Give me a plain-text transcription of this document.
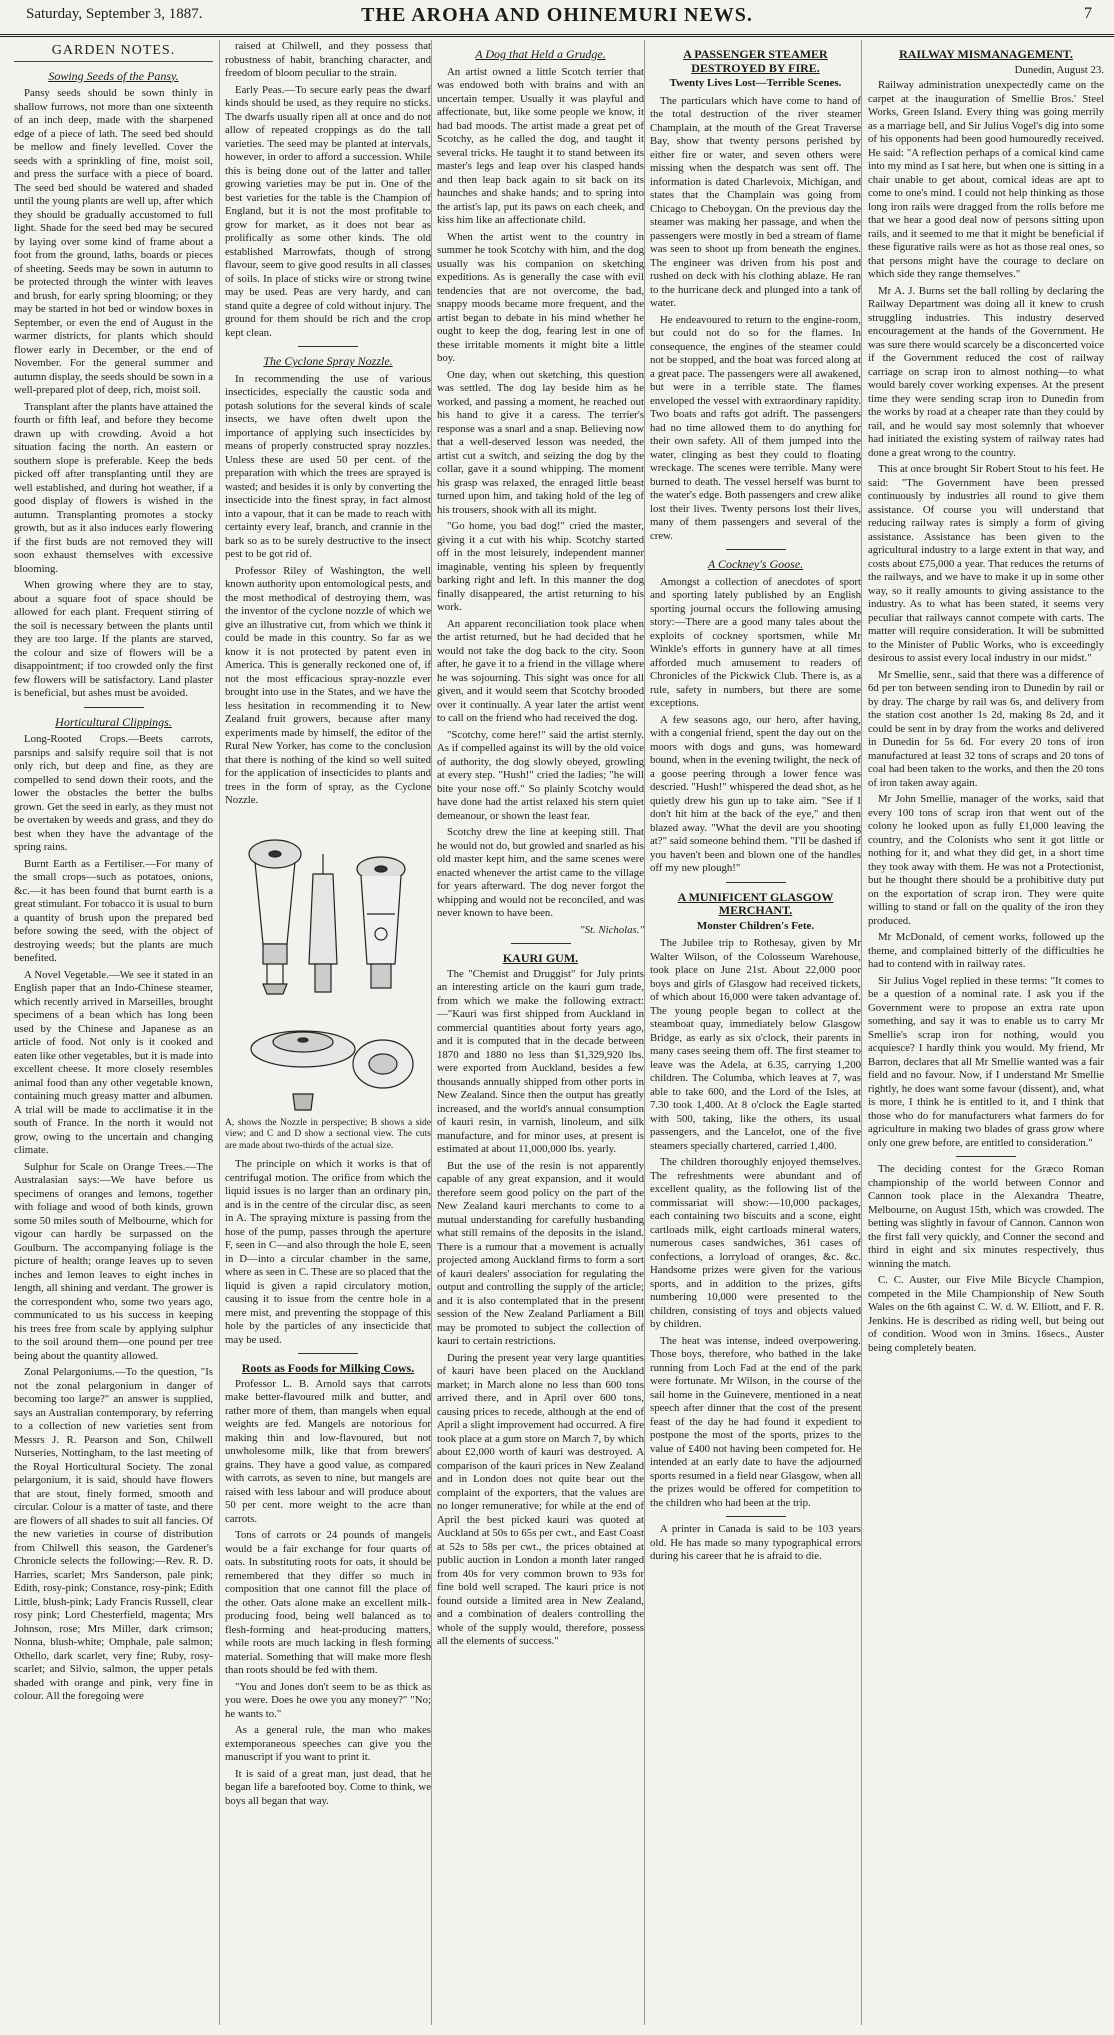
Saturday, September 3, 1887.	THE AROHA AND OHINEMURI NEWS.	7
GARDEN NOTES.
Sowing Seeds of the Pansy.

Pansy seeds should be sown thinly in shallow furrows, not more than one sixteenth of an inch deep, made with the sharpened edge of a piece of lath. The seed bed should be mellow and finely levelled. Cover the seeds with a sprinkling of fine, moist soil, and press the surface with a piece of board. The seed bed should be watered and shaded until the young plants are well up, after which they should be gradually accustomed to full light. Shade for the seed bed may be secured by laying over some kind of frame about a foot from the ground, laths, boards or pieces of sheeting. Seeds may be sown in autumn to be protected through the winter with leaves and brush, for early spring blooming; or they may be started in hot bed or window boxes in September, or even the end of August in the warmer districts, for plants which should flower early in December, or the end of November. For the general summer and autumn display, the seeds should be sown in a well-prepared plot of deep, rich, moist soil.

Transplant after the plants have attained the fourth or fifth leaf, and before they become drawn up with crowding. Avoid a hot situation facing the north. An eastern or southern slope is preferable. Keep the beds picked off after transplanting until they are well established, and during hot weather, if a good display of flowers is wished in the autumn. Transplanting promotes a stocky growth, but as it also induces early flowering if the first buds are not removed they will soon exhaust themselves with excessive blooming.

When growing where they are to stay, about a square foot of space should be allowed for each plant. Frequent stirring of the soil is necessary between the plants until they are too large. If the plants are starved, the colour and size of flowers will be a disappointment; if too crowded only the first few flowers will be satisfactory. Land plaster is beneficial, but ashes must be avoided.

Horticultural Clippings.

Long-Rooted Crops.—Beets carrots, parsnips and salsify require soil that is not only rich, but deep and fine, as they are compelled to send down their roots, and the lower the obstacles the better the bulbs grown. Get the seed in early, as they must not be overtaken by weeds and grass, and they do best when they have the advantage of the spring rains.

Burnt Earth as a Fertiliser.—For many of the small crops—such as potatoes, onions, &c.—it has been found that burnt earth is a great stimulant. For tobacco it is usual to burn a quantity of brush upon the prepared bed before sowing the seed, with the object of destroying weeds; but the plants are much benefited.

A Novel Vegetable.—We see it stated in an English paper that an Indo-Chinese steamer, which recently arrived in Marseilles, brought specimens of a bean which has long been used by the Chinese and Japanese as an article of food. Not only is it cooked and eaten like other vegetables, but it is made into excellent cheese. It more closely resembles animal food than any other vegetable known, containing much greasy matter and albumen. A trial will be made to acclimatise it in the south of France. In the north it would not grow, owing to the uncertain and changing climate.

Sulphur for Scale on Orange Trees.—The Australasian says:—We have before us specimens of oranges and lemons, together with foliage and wood of both kinds, grown some 50 miles south of Melbourne, which for vigour can hardly be surpassed on the Goulburn. The accompanying foliage is the picture of health; orange leaves up to seven inches and lemon leaves to eight inches in length, all shining and verdant. The grower is the correspondent who, some two years ago, communicated to us his success in keeping his trees free from scale by applying sulphur to the soil around them—one pound per tree being about the quantity allowed.

Zonal Pelargoniums.—To the question, "Is not the zonal pelargonium in danger of becoming too large?" an answer is supplied, says an Australian contemporary, by referring to a collection of new varieties sent from Messrs J. R. Pearson and Son, Chilwell Nurseries, Nottingham, to the last meeting of the Royal Horticultural Society. The zonal pelargonium, it is said, should have flowers that are stout, finely formed, smooth and circular. Colour is a matter of taste, and there are flowers of all shades to suit all fancies. Of the new varieties in course of distribution from Chilwell this season, the Gardener's Chronicle selects the following:—Rev. R. D. Harries, scarlet; Mrs Sanderson, pale pink; Edith, rosy-pink; Constance, rosy-pink; Edith Little, blush-pink; Lady Francis Russell, clear rosy pink; Lord Chesterfield, magenta; Mrs Johnson, rose; Mrs Miller, dark crimson; Nonna, blush-white; Omphale, pale salmon; Othello, dark scarlet, very fine; Ruby, rosy-scarlet; and Silvio, salmon, the upper petals shaded with orange and pink, very fine in colour. All the foregoing were

raised at Chilwell, and they possess that robustness of habit, branching character, and freedom of bloom peculiar to the strain.

Early Peas.—To secure early peas the dwarf kinds should be used, as they require no sticks. The dwarfs usually ripen all at once and do not allow of repeated croppings as do the tall varieties. The seed may be planted at intervals, however, in order to afford a succession. While this is being done out of the latter and taller growing varieties may be put in. One of the best varieties for the table is the Champion of England, but it is not the most profitable to grow for market, as it does not bear as prolifically as some other kinds. The old established Marrowfats, though of strong flavour, seem to give good results in all classes of soils. In place of sticks wire or strong twine may be used. Peas are very hardy, and can stand quite a degree of cold without injury. The ground for them should be rich and the crop kept clean.

The Cyclone Spray Nozzle.

In recommending the use of various insecticides, especially the caustic soda and potash solutions for the several kinds of scale insects, we have often dwelt upon the importance of applying such insecticides by means of properly constructed spray nozzles. Unless these are used 50 per cent. of the preparation with which the trees are sprayed is wasted; and besides it is only by converting the insecticide into the finest spray, in fact almost into a vapour, that it can be made to reach with certainty every leaf, branch, and crannie in the bark so as to be surely destructive to the insect pest to be got rid of.

Professor Riley of Washington, the well known authority upon entomological pests, and the most methodical of destroying them, was the inventor of the cyclone nozzle of which we give an illustrative cut, from which we think it could be made in this country. So far as we know it is not protected by patent even in America. This is generally reckoned one of, if not the most efficacious spray-nozzle ever brought into use in the States, and we have the less hesitation in recommending it to New Zealand fruit growers, because after many experiments made by himself, the editor of the Rural New Yorker, has come to the conclusion that there is nothing of the kind so well suited for the application of insecticides to plants and trees in the form of spray, as the Cyclone Nozzle.

A, shows the Nozzle in perspective; B shows a side view; and C and D show a sectional view. The cuts are made about two-thirds of the actual size.

The principle on which it works is that of centrifugal motion. The orifice from which the liquid issues is no larger than an ordinary pin, and is in the centre of the circular disc, as seen in A. The spraying mixture is passing from the hose of the pump, passes through the aperture F, seen in C—and also through the hole E, seen in D—into a circular chamber in the same, where as seen in C. These are so placed that the liquid is given a rapid circulatory motion, causing it to issue from the centre hole in a mere mist, and preventing the stoppage of this hole by the particles of any insecticide that may be used.

Roots as Foods for Milking Cows.

Professor L. B. Arnold says that carrots make better-flavoured milk and butter, and rather more of them, than mangels when equal weights are fed. Mangels are notorious for making thin and low-flavoured, but not unwholesome milk, like that from brewers' grains. They have a good value, as compared with carrots, as seven to nine, but mangels are raised with less labour and will produce about 50 per cent. more weight to the acre than carrots.

Tons of carrots or 24 pounds of mangels would be a fair exchange for four quarts of oats. In substituting roots for oats, it should be remembered that they differ so much in composition that one cannot fill the place of the other. Oats alone make an excellent milk-producing food, being well balanced as to flesh-forming and heat-producing matters, while roots are much lacking in flesh forming material. Something that will make more flesh than roots should be fed with them.

"You and Jones don't seem to be as thick as you were. Does he owe you any money?" "No; he wants to."

As a general rule, the man who makes extemporaneous speeches can give you the manuscript if you want to print it.

It is said of a great man, just dead, that he began life a barefooted boy. Come to think, we boys all began that way.

A Dog that Held a Grudge.

An artist owned a little Scotch terrier that was endowed both with brains and with an uncertain temper. Usually it was playful and affectionate, but, like some people we know, it had bad moods. The artist made a great pet of Scotchy, as he called the dog, and taught it several tricks. He taught it to stand between its master's legs and leap over his clasped hands and then leap back again to sit back on its haunches and shake hands; and to spring into the artist's lap, put its paws on each cheek, and kiss him like an affectionate child.

When the artist went to the country in summer he took Scotchy with him, and the dog usually was his companion on sketching expeditions. As is generally the case with evil tendencies that are not overcome, the bad, snappy moods became more frequent, and the artist began to debate in his mind whether he ought to keep the dog, fearing lest in one of these irritable moments it might bite a little boy.

One day, when out sketching, this question was settled. The dog lay beside him as he worked, and passing a moment, he reached out his hand to give it a caress. The terrier's response was a snarl and a snap. Believing now that a well-deserved lesson was needed, the artist cut a switch, and seizing the dog by the collar, gave it a sound whipping. The moment his grasp was relaxed, the enraged little beast turned upon him, and taking hold of the leg of his trousers, shook with all its might.

"Go home, you bad dog!" cried the master, giving it a cut with his whip. Scotchy started off in the most leisurely, independent manner imaginable, venting his spleen by frequently barking right and left. In this manner the dog finally disappeared, the artist returning to his work.

An apparent reconciliation took place when the artist returned, but he had decided that he would not take the dog back to the city. Soon after, he gave it to a friend in the village where he was sojourning. This sight was once for all given, and it would seem that Scotchy brooded over it continually. A year later the artist went to call on the friend who had received the dog.

"Scotchy, come here!" said the artist sternly. As if compelled against its will by the old voice of authority, the dog slowly obeyed, growling at every step. "Hush!" cried the ladies; "he will bite your nose off." So plainly Scotchy would have done had the artist relaxed his stern quiet demeanour, or shown the least fear.

Scotchy drew the line at keeping still. That he would not do, but growled and snarled as his old master kept him, and the same scenes were enacted whenever the artist came to the village for years afterward. The dog never forgot the whipping and would not be reconciled, and was never known to have been.

"St. Nicholas."

KAURI GUM.

The "Chemist and Druggist" for July prints an interesting article on the kauri gum trade, from which we make the following extract:—"Kauri was first shipped from Auckland in commercial quantities about forty years ago, and it is computed that in the decade between 1870 and 1880 no less than $1,329,920 lbs. were exported from Auckland, besides a few thousands annually shipped from other ports in New Zealand. Since then the output has greatly increased, and the world's annual consumption of kauri resin, in varnish, linoleum, and silk manufacture, and for minor uses, at present is estimated at about 11,000,000 lbs. yearly.

But the use of the resin is not apparently capable of any great expansion, and it would therefore seem good policy on the part of the New Zealand kauri merchants to come to a mutual understanding for carefully husbanding what still remains of the deposits in the island. There is a rumour that a movement is actually projected among Auckland firms to form a sort of kauri dealers' association for regulating the output and controlling the supply of the article; and it is also contemplated that in the present session of the New Zealand Parliament a Bill may be promoted to subject the collection of kauri to certain restrictions.

During the present year very large quantities of kauri have been placed on the Auckland market; in March alone no less than 600 tons arrived there, and in April over 600 tons, causing prices to recede, although at the end of April a slight improvement had occurred. A fire took place at a gum store on March 7, by which about £2,000 worth of kauri was destroyed. A comparison of the kauri prices in New Zealand and in London does not quite bear out the complaint of the exporters, that the values are no longer remunerative; for while at the end of April the best picked kauri was quoted at Auckland at 50s to 65s per cwt., and East Coast at 52s to 58s per cwt., the prices obtained at public auction in London a month later ranged from 40s for very common brown to 93s for fine bold well scraped. The kauri price is not found outside a limited area in New Zealand, and a combination of dealers controlling the whole of the supply would, therefore, possess all the elements of success."

A PASSENGER STEAMER DESTROYED BY FIRE.
Twenty Lives Lost—Terrible Scenes.

The particulars which have come to hand of the total destruction of the river steamer Champlain, at the mouth of the Great Traverse Bay, show that twenty persons perished by either fire or water, and seven others were missing when the despatch was sent off. The information is dated Charlevoix, Michigan, and states that the Champlain was going from Chicago to Cheboygan. On the previous day the steamer was making her passage, and when the passengers were mostly in bed a stream of flame was seen to shoot up from beneath the engines. The engineer was driven from his post and rushed on deck with his clothing ablaze. He ran to the hurricane deck and plunged into a tank of water.

He endeavoured to return to the engine-room, but could not do so for the flames. In consequence, the engines of the steamer could not be stopped, and the boat was forced along at a great pace. The passengers were all awakened, but were in a terrible state. The flames enveloped the vessel with extraordinary rapidity. Two boats and rafts got adrift. The passengers had no time allowed them to do anything for their own safety. All of them jumped into the water, clinging as best they could to floating wreckage. The scenes were terrible. Many were burned to death. The vessel herself was burnt to the water's edge. Both passengers and crew alike lost their lives. Twenty persons lost their lives, many of them passengers and several of the crew.

A Cockney's Goose.

Amongst a collection of anecdotes of sport and sporting lately published by an English sporting journal occurs the following amusing story:—There are a good many tales about the exploits of cockney sportsmen, while Mr Winkle's efforts in gunnery have at all times afforded much amusement to readers of Chronicles of the Pickwick Club. There is, as a rule, safety in numbers, but there are some exceptions.

A few seasons ago, our hero, after having, with a congenial friend, spent the day out on the moors with dogs and guns, was homeward bound, when in the evening twilight, the neck of a goose peering through a lower fence was descried. "Hush!" whispered the dead shot, as he quietly drew his gun up to take aim. "See if I don't hit him at the back of the eye," and then blazed away. "What the devil are you shooting at?" said someone behind them. "I'll be dashed if you haven't been and blown one of the handles off my new plough!"

A MUNIFICENT GLASGOW MERCHANT.
Monster Children's Fete.

The Jubilee trip to Rothesay, given by Mr Walter Wilson, of the Colosseum Warehouse, took place on June 21st. About 22,000 poor boys and girls of Glasgow had received tickets, of which about 16,000 were taken advantage of. The young people began to collect at the steamboat quay, immediately below Glasgow Bridge, as early as six o'clock, their parents in many cases seeing them off. The first steamer to leave was the Adela, at 6.35, carrying 1,200 children. The Columba, which leaves at 7, was able to take 600, and the Lord of the Isles, at 7.30 took 1,400. At 8 o'clock the Eagle started with 500, taking, like the others, its usual passengers, and the Lancelot, one of the five steamers specially chartered, carried 1,400.

The children thoroughly enjoyed themselves. The refreshments were abundant and of excellent quality, as the following list of the commissariat will show:—10,000 packages, each containing two biscuits and a scone, eight cartloads milk, eight cartloads mineral waters, numerous cases sandwiches, 361 cases of confections, a lorryload of oranges, &c. &c. Handsome prizes were given for the various sports, and in addition to the prizes, gifts numbering 10,000 were presented to the children, consisting of toys and objects valued by children.

The heat was intense, indeed overpowering. Those boys, therefore, who bathed in the lake running from Loch Fad at the end of the park were fortunate. Mr Wilson, in the course of the sail home in the Guinevere, mentioned in a neat speech after dinner that the cost of the present feast of the day he had found it expedient to postpone the most of the sports, prizes to the value of £400 not having been competed for. He intended at an early date to have the adjourned sports resumed in a field near Glasgow, when all the prizes would be offered for competition to the children who had been at the trip.

A printer in Canada is said to be 103 years old. He has made so many typographical errors during his career that he is afraid to die.

RAILWAY MISMANAGEMENT.
Dunedin, August 23.

Railway administration unexpectedly came on the carpet at the inauguration of Smellie Bros.' Steel Works, Green Island. Every thing was going merrily as a marriage bell, and Sir Julius Vogel's dig into some of his opponents had been good humouredly received. He said: "A reflection perhaps of a comical kind came into my mind as I sat here, but when one is sitting in a chair unable to get about, comical ideas are apt to come to one's mind. I could not help thinking as those long iron rails were dragged from the rolls before me that we hear a good deal now of persons sitting upon rails, and it seemed to me that it might be beneficial if these figurative rails were as hot as those real ones, so that persons might have the courage to declare on which side they range themselves."

Mr A. J. Burns set the ball rolling by declaring the Railway Department was doing all it knew to crush struggling industries. This industry deserved encouragement at the hands of the Government. He was sure there would scarcely be a disconcerted voice if the Government reduced the cost of railway carriage on scrap iron to almost nothing—to what would barely cover working expenses. At the present time they were sending scrap iron to Dunedin from the works by road at a cheaper rate than they could by rail, and he would say most solemnly that whoever had initiated the existing system of railway rates had done a great wrong to the country.

This at once brought Sir Robert Stout to his feet. He said: "The Government have been pressed continuously by industries all round to give them assistance. Of course you will understand that reducing railway rates is simply a form of giving assistance. Assistance has been given to the agricultural industry to a large extent in that way, and costs about £75,000 a year. That reduces the returns of the railways, and we have to make it up in some other way, so it really amounts to giving assistance to the industry. As to what has been stated, it seems very peculiar that railways cannot compete with carts. The matter will require consideration. It will be submitted to the Minister of Public Works, who is exceedingly desirous to assist every local industry in our midst."

Mr Smellie, senr., said that there was a difference of 6d per ton between sending iron to Dunedin by rail or by dray. The charge by rail was 6s, and delivery from the station cost another 1s 2d, making 8s 2d, and it could be sent in by dray from the works and delivered in Dunedin for 5s 6d. For every 20 tons of iron manufactured at least 32 tons of scraps and 20 tons of coal had been taken to the works, and then the 20 tons of iron taken away again.

Mr John Smellie, manager of the works, said that every 100 tons of scrap iron that went out of the colony he looked upon as fully £1,000 leaving the country, and the Colonists who sent it got little or nothing for it, and what they did get, in a short time they took away with them. He was not a Protectionist, but he thought there should be a prohibitive duty put on the exportation of scrap iron. They were quite willing to stand or fall on the quality of the iron they produced.

Mr McDonald, of cement works, followed up the theme, and complained bitterly of the difficulties he had to contend with in railway rates.

Sir Julius Vogel replied in these terms: "It comes to be a question of a nominal rate. I ask you if the Government were to propose an extra rate upon something, and say it was to enable us to carry Mr Smellie's scrap iron for nothing, would you acquiesce? I hardly think you would. My friend, Mr Barron, declares that all Mr Smellie wanted was a fair field and no favour. Now, if I understand Mr Smellie rightly, he does want some favour (dissent), and, what is more, I think he is entitled to it, and I think that those who do for manufacturers what farmers do for agriculture in making two blades of grass grow where only one grew before, are entitled to consideration."

The deciding contest for the Græco Roman championship of the world between Connor and Cannon took place in the Alexandra Theatre, Melbourne, on August 15th, which was crowded. The betting was slightly in favour of Cannon. Cannon won the first fall very quickly, and Conner the second and third in eight and six minutes respectively, thus winning the match.

C. C. Auster, our Five Mile Bicycle Champion, competed in the Mile Championship of New South Wales on the 6th against C. W. d. W. Elliott, and F. R. Jenkins. He is described as riding well, but being out of condition. Wood won in 3mins. 16secs., Auster being completely beaten.
